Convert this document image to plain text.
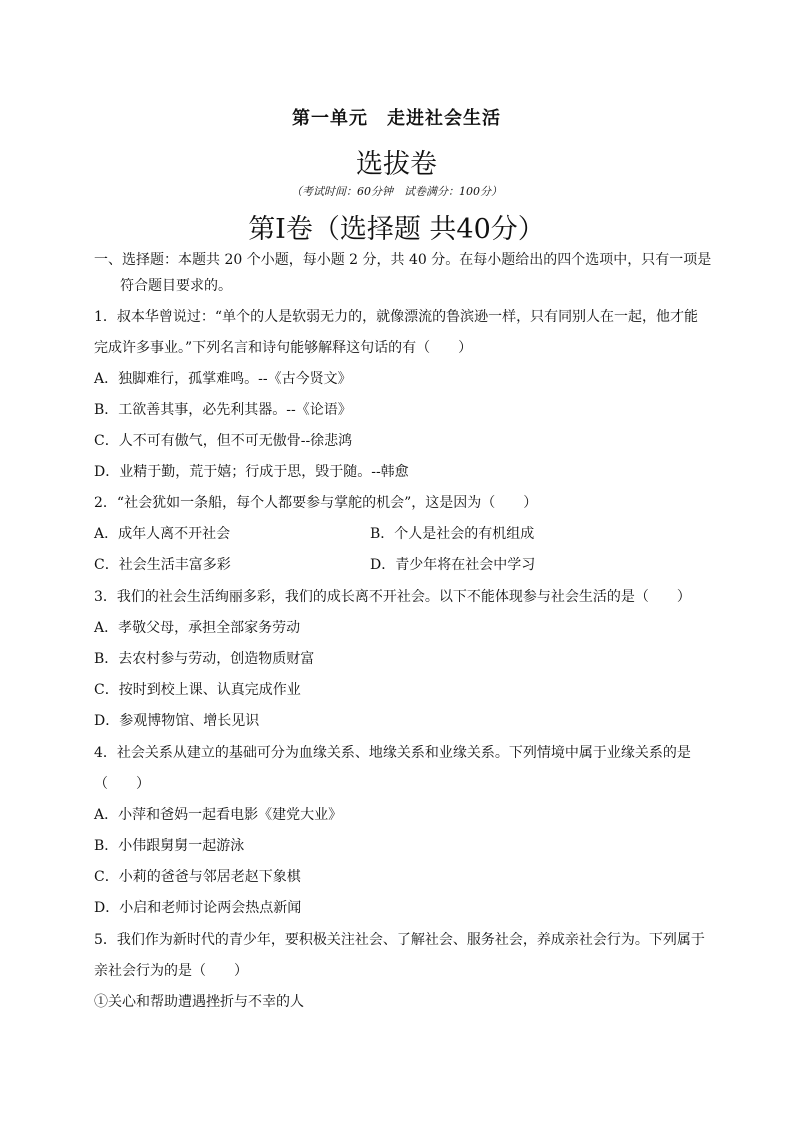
第一单元　走进社会生活
选拔卷
（考试时间：60分钟　试卷满分：100分）
第Ⅰ卷（选择题 共40分）
一、选择题：本题共 20 个小题，每小题 2 分，共 40 分。在每小题给出的四个选项中，只有一项是
符合题目要求的。
1．叔本华曾说过：“单个的人是软弱无力的，就像漂流的鲁滨逊一样，只有同别人在一起，他才能
完成许多事业。”下列名言和诗句能够解释这句话的有（　　）
A．独脚难行，孤掌难鸣。--《古今贤文》
B．工欲善其事，必先利其器。--《论语》
C．人不可有傲气，但不可无傲骨--徐悲鸿
D．业精于勤，荒于嬉；行成于思，毁于随。--韩愈
2．“社会犹如一条船，每个人都要参与掌舵的机会”，这是因为（　　）
A．成年人离不开社会	B．个人是社会的有机组成
C．社会生活丰富多彩	D．青少年将在社会中学习
3．我们的社会生活绚丽多彩，我们的成长离不开社会。以下不能体现参与社会生活的是（　　）
A．孝敬父母，承担全部家务劳动
B．去农村参与劳动，创造物质财富
C．按时到校上课、认真完成作业
D．参观博物馆、增长见识
4．社会关系从建立的基础可分为血缘关系、地缘关系和业缘关系。下列情境中属于业缘关系的是
（　　）
A．小萍和爸妈一起看电影《建党大业》
B．小伟跟舅舅一起游泳
C．小莉的爸爸与邻居老赵下象棋
D．小启和老师讨论两会热点新闻
5．我们作为新时代的青少年，要积极关注社会、了解社会、服务社会，养成亲社会行为。下列属于
亲社会行为的是（　　）
①关心和帮助遭遇挫折与不幸的人
